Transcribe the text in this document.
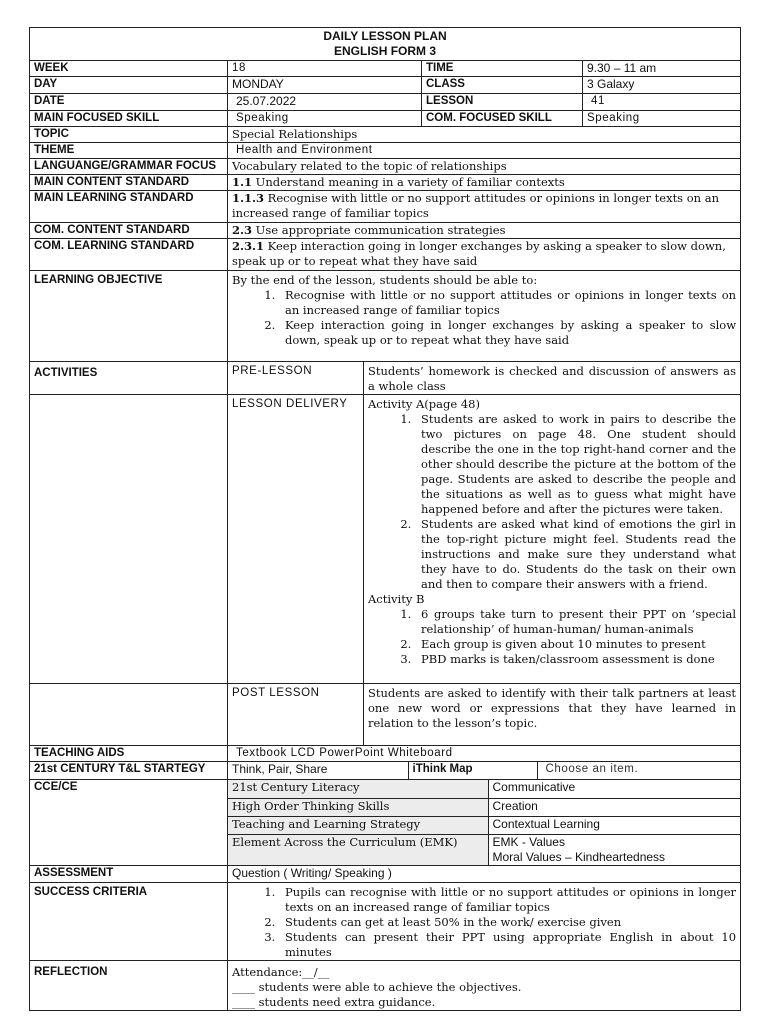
DAILY LESSON PLAN
ENGLISH FORM 3

WEEK	18	TIME	9.30 – 11 am
DAY	MONDAY	CLASS	3 Galaxy
DATE	25.07.2022	LESSON	41
MAIN FOCUSED SKILL	Speaking	COM. FOCUSED SKILL	Speaking
TOPIC	Special Relationships
THEME	Health and Environment
LANGUANGE/GRAMMAR FOCUS	Vocabulary related to the topic of relationships
MAIN CONTENT STANDARD	1.1 Understand meaning in a variety of familiar contexts
MAIN LEARNING STANDARD	1.1.3 Recognise with little or no support attitudes or opinions in longer texts on an increased range of familiar topics
COM. CONTENT STANDARD	2.3 Use appropriate communication strategies
COM. LEARNING STANDARD	2.3.1 Keep interaction going in longer exchanges by asking a speaker to slow down, speak up or to repeat what they have said
LEARNING OBJECTIVE	By the end of the lesson, students should be able to:
1. Recognise with little or no support attitudes or opinions in longer texts on an increased range of familiar topics
2. Keep interaction going in longer exchanges by asking a speaker to slow down, speak up or to repeat what they have said

ACTIVITIES	PRE-LESSON	Students’ homework is checked and discussion of answers as a whole class
	LESSON DELIVERY	Activity A(page 48)
1. Students are asked to work in pairs to describe the two pictures on page 48. One student should describe the one in the top right-hand corner and the other should describe the picture at the bottom of the page. Students are asked to describe the people and the situations as well as to guess what might have happened before and after the pictures were taken.
2. Students are asked what kind of emotions the girl in the top-right picture might feel. Students read the instructions and make sure they understand what they have to do. Students do the task on their own and then to compare their answers with a friend.
Activity B
1. 6 groups take turn to present their PPT on ‘special relationship’ of human-human/ human-animals
2. Each group is given about 10 minutes to present
3. PBD marks is taken/classroom assessment is done

	POST LESSON	Students are asked to identify with their talk partners at least one new word or expressions that they have learned in relation to the lesson’s topic.
TEACHING AIDS	Textbook LCD PowerPoint Whiteboard
21st CENTURY T&L STARTEGY	Think, Pair, Share	iThink Map	Choose an item.

CCE/CE		21st Century Literacy	Communicative
High Order Thinking Skills	Creation
Teaching and Learning Strategy	Contextual Learning
Element Across the Curriculum (EMK)	EMK - Values
Moral Values – Kindheartedness

ASSESSMENT	Question ( Writing/ Speaking )
SUCCESS CRITERIA	
1.Pupils can recognise with little or no support attitudes or opinions in longer texts on an increased range of familiar topics
2. Students can get at least 50% in the work/ exercise given
3. Students can present their PPT using appropriate English in about 10 minutes

REFLECTION	Attendance:__/__
____ students were able to achieve the objectives.
____ students need extra guidance.
